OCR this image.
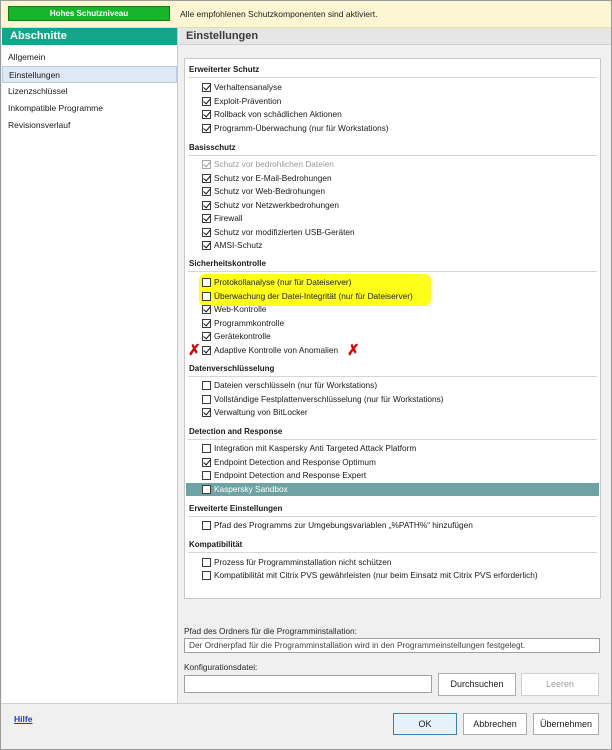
Hohes Schutzniveau	Alle empfohlenen Schutzkomponenten sind aktiviert.
Abschnitte
Allgemein
Einstellungen
Lizenzschlüssel
Inkompatible Programme
Revisionsverlauf
Einstellungen
Erweiterter Schutz
Verhaltensanalyse
Exploit-Prävention
Rollback von schädlichen Aktionen
Programm-Überwachung (nur für Workstations)
Basisschutz
Schutz vor bedrohlichen Dateien
Schutz vor E-Mail-Bedrohungen
Schutz vor Web-Bedrohungen
Schutz vor Netzwerkbedrohungen
Firewall
Schutz vor modifizierten USB-Geräten
AMSI-Schutz
Sicherheitskontrolle
Protokollanalyse (nur für Dateiserver)
Überwachung der Datei-Integrität (nur für Dateiserver)
Web-Kontrolle
Programmkontrolle
Gerätekontrolle
✗ Adaptive Kontrolle von Anomalien ✗
Datenverschlüsselung
Dateien verschlüsseln (nur für Workstations)
Vollständige Festplattenverschlüsselung (nur für Workstations)
Verwaltung von BitLocker
Detection and Response
Integration mit Kaspersky Anti Targeted Attack Platform
Endpoint Detection and Response Optimum
Endpoint Detection and Response Expert
Kaspersky Sandbox
Erweiterte Einstellungen
Pfad des Programms zur Umgebungsvariablen „%PATH%“ hinzufügen
Kompatibilität
Prozess für Programminstallation nicht schützen
Kompatibilität mit Citrix PVS gewährleisten (nur beim Einsatz mit Citrix PVS erforderlich)
Pfad des Ordners für die Programminstallation:
Der Ordnerpfad für die Programminstallation wird in den Programmeinstellungen festgelegt.
Konfigurationsdatei:
Durchsuchen	Leeren
Hilfe	OK	Abbrechen	Übernehmen
